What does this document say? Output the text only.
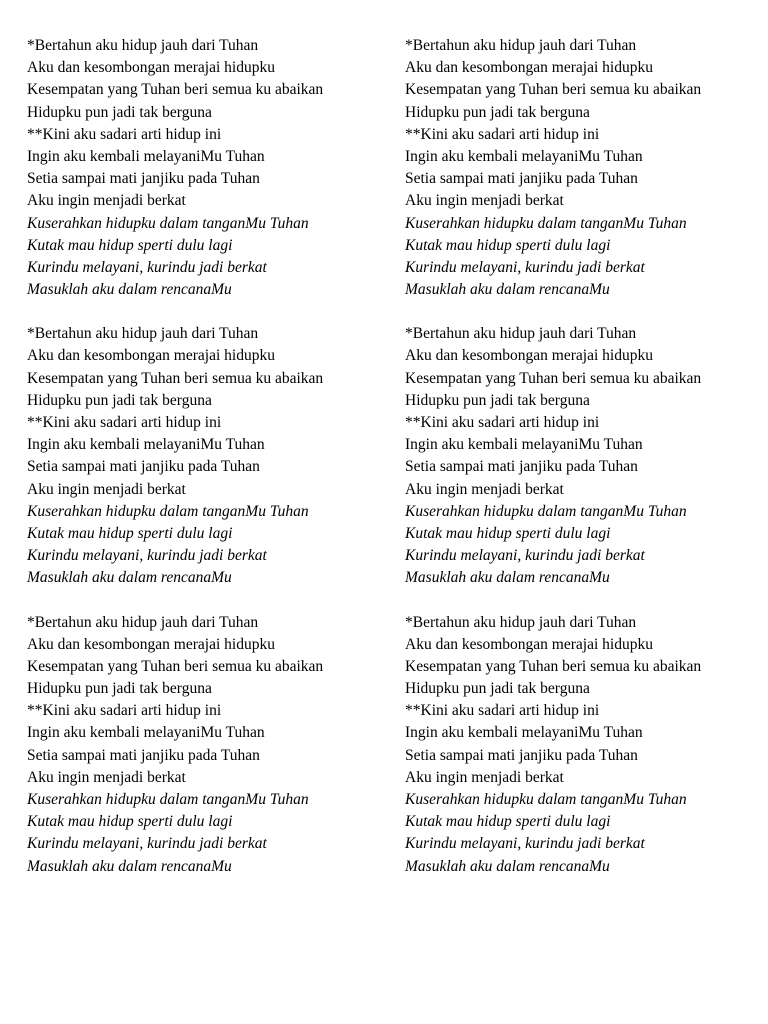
*Bertahun aku hidup jauh dari Tuhan
Aku dan kesombongan merajai hidupku
Kesempatan yang Tuhan beri semua ku abaikan
Hidupku pun jadi tak berguna
**Kini aku sadari arti hidup ini
Ingin aku kembali melayaniMu Tuhan
Setia sampai mati janjiku pada Tuhan
Aku ingin menjadi berkat
Kuserahkan hidupku dalam tanganMu Tuhan
Kutak mau hidup sperti dulu lagi
Kurindu melayani, kurindu jadi berkat
Masuklah aku dalam rencanaMu
*Bertahun aku hidup jauh dari Tuhan
Aku dan kesombongan merajai hidupku
Kesempatan yang Tuhan beri semua ku abaikan
Hidupku pun jadi tak berguna
**Kini aku sadari arti hidup ini
Ingin aku kembali melayaniMu Tuhan
Setia sampai mati janjiku pada Tuhan
Aku ingin menjadi berkat
Kuserahkan hidupku dalam tanganMu Tuhan
Kutak mau hidup sperti dulu lagi
Kurindu melayani, kurindu jadi berkat
Masuklah aku dalam rencanaMu
*Bertahun aku hidup jauh dari Tuhan
Aku dan kesombongan merajai hidupku
Kesempatan yang Tuhan beri semua ku abaikan
Hidupku pun jadi tak berguna
**Kini aku sadari arti hidup ini
Ingin aku kembali melayaniMu Tuhan
Setia sampai mati janjiku pada Tuhan
Aku ingin menjadi berkat
Kuserahkan hidupku dalam tanganMu Tuhan
Kutak mau hidup sperti dulu lagi
Kurindu melayani, kurindu jadi berkat
Masuklah aku dalam rencanaMu
*Bertahun aku hidup jauh dari Tuhan
Aku dan kesombongan merajai hidupku
Kesempatan yang Tuhan beri semua ku abaikan
Hidupku pun jadi tak berguna
**Kini aku sadari arti hidup ini
Ingin aku kembali melayaniMu Tuhan
Setia sampai mati janjiku pada Tuhan
Aku ingin menjadi berkat
Kuserahkan hidupku dalam tanganMu Tuhan
Kutak mau hidup sperti dulu lagi
Kurindu melayani, kurindu jadi berkat
Masuklah aku dalam rencanaMu
*Bertahun aku hidup jauh dari Tuhan
Aku dan kesombongan merajai hidupku
Kesempatan yang Tuhan beri semua ku abaikan
Hidupku pun jadi tak berguna
**Kini aku sadari arti hidup ini
Ingin aku kembali melayaniMu Tuhan
Setia sampai mati janjiku pada Tuhan
Aku ingin menjadi berkat
Kuserahkan hidupku dalam tanganMu Tuhan
Kutak mau hidup sperti dulu lagi
Kurindu melayani, kurindu jadi berkat
Masuklah aku dalam rencanaMu
*Bertahun aku hidup jauh dari Tuhan
Aku dan kesombongan merajai hidupku
Kesempatan yang Tuhan beri semua ku abaikan
Hidupku pun jadi tak berguna
**Kini aku sadari arti hidup ini
Ingin aku kembali melayaniMu Tuhan
Setia sampai mati janjiku pada Tuhan
Aku ingin menjadi berkat
Kuserahkan hidupku dalam tanganMu Tuhan
Kutak mau hidup sperti dulu lagi
Kurindu melayani, kurindu jadi berkat
Masuklah aku dalam rencanaMu
